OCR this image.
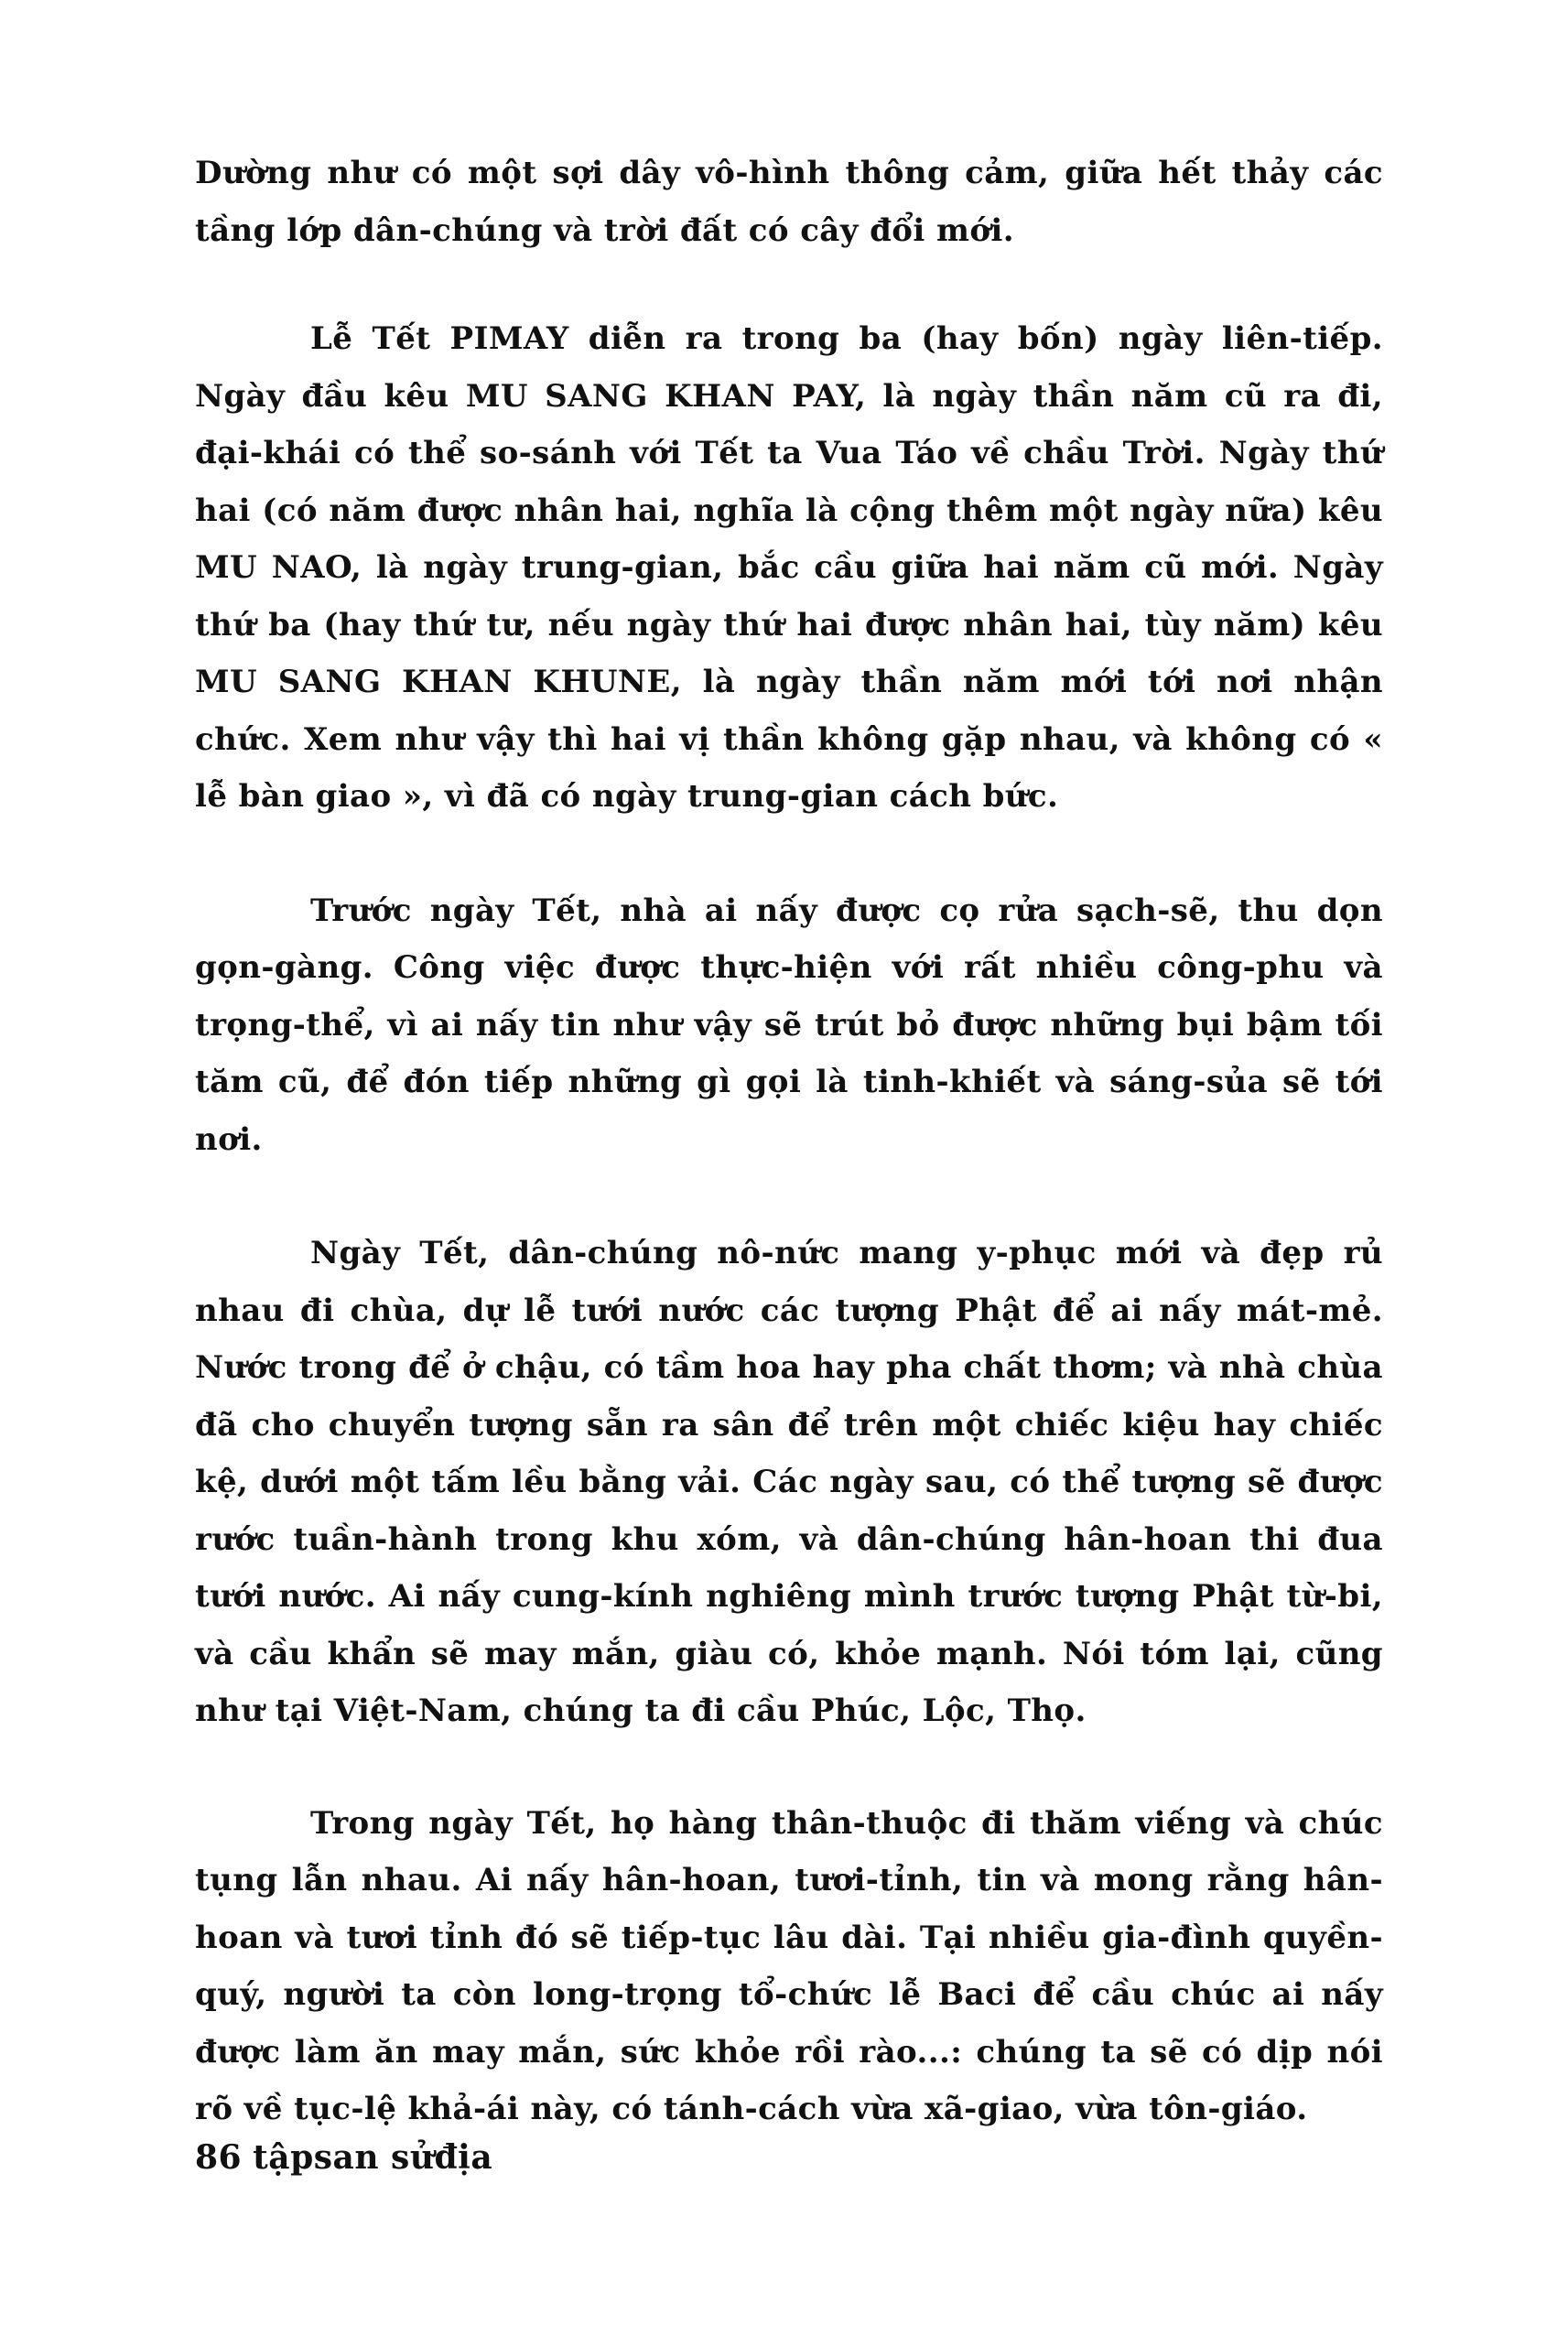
Dường như có một sợi dây vô-hình thông cảm, giữa hết thảy các tầng lớp dân-chúng và trời đất có cây đổi mới.

Lễ Tết PIMAY diễn ra trong ba (hay bốn) ngày liên-tiếp. Ngày đầu kêu MU SANG KHAN PAY, là ngày thần năm cũ ra đi, đại-khái có thể so-sánh với Tết ta Vua Táo về chầu Trời. Ngày thứ hai (có năm được nhân hai, nghĩa là cộng thêm một ngày nữa) kêu MU NAO, là ngày trung-gian, bắc cầu giữa hai năm cũ mới. Ngày thứ ba (hay thứ tư, nếu ngày thứ hai được nhân hai, tùy năm) kêu MU SANG KHAN KHUNE, là ngày thần năm mới tới nơi nhận chức. Xem như vậy thì hai vị thần không gặp nhau, và không có « lễ bàn giao », vì đã có ngày trung-gian cách bức.

Trước ngày Tết, nhà ai nấy được cọ rửa sạch-sẽ, thu dọn gọn-gàng. Công việc được thực-hiện với rất nhiều công-phu và trọng-thể, vì ai nấy tin như vậy sẽ trút bỏ được những bụi bậm tối tăm cũ, để đón tiếp những gì gọi là tinh-khiết và sáng-sủa sẽ tới nơi.

Ngày Tết, dân-chúng nô-nức mang y-phục mới và đẹp rủ nhau đi chùa, dự lễ tưới nước các tượng Phật để ai nấy mát-mẻ. Nước trong để ở chậu, có tầm hoa hay pha chất thơm; và nhà chùa đã cho chuyển tượng sẵn ra sân để trên một chiếc kiệu hay chiếc kệ, dưới một tấm lều bằng vải. Các ngày sau, có thể tượng sẽ được rước tuần-hành trong khu xóm, và dân-chúng hân-hoan thi đua tưới nước. Ai nấy cung-kính nghiêng mình trước tượng Phật từ-bi, và cầu khẩn sẽ may mắn, giàu có, khỏe mạnh. Nói tóm lại, cũng như tại Việt-Nam, chúng ta đi cầu Phúc, Lộc, Thọ.

Trong ngày Tết, họ hàng thân-thuộc đi thăm viếng và chúc tụng lẫn nhau. Ai nấy hân-hoan, tươi-tỉnh, tin và mong rằng hân-hoan và tươi tỉnh đó sẽ tiếp-tục lâu dài. Tại nhiều gia-đình quyền-quý, người ta còn long-trọng tổ-chức lễ Baci để cầu chúc ai nấy được làm ăn may mắn, sức khỏe rồi rào...: chúng ta sẽ có dịp nói rõ về tục-lệ khả-ái này, có tánh-cách vừa xã-giao, vừa tôn-giáo.

86 tậpsan sửđịa
